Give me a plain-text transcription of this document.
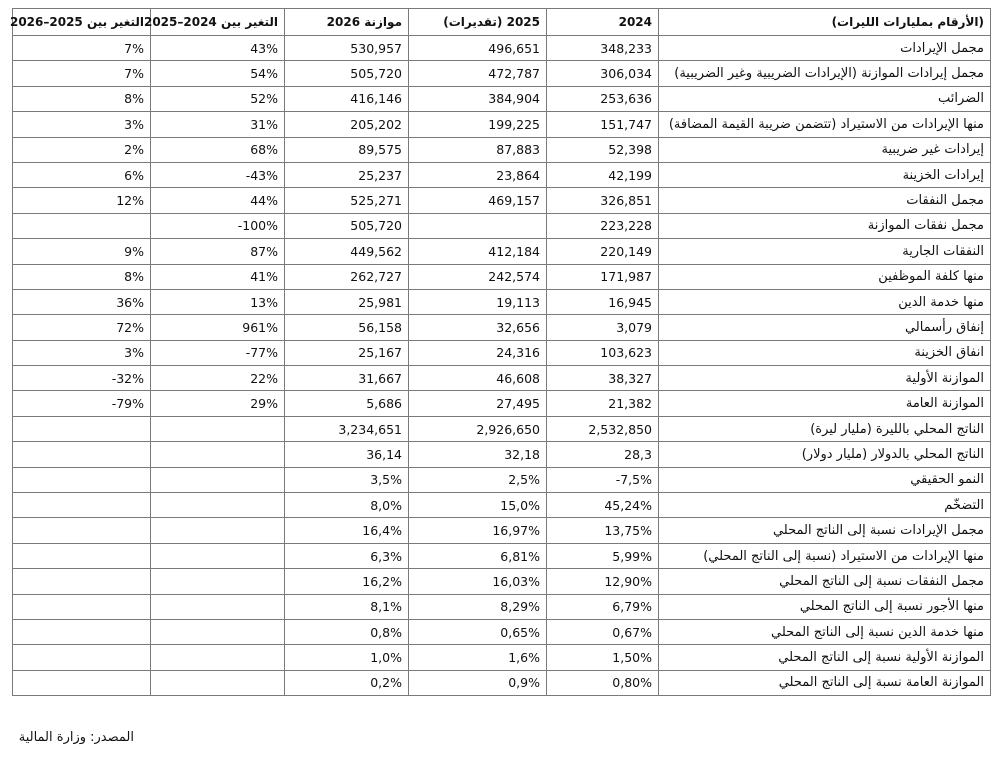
التغير بين 2025–2026	التغير بين 2024–2025	موازنة 2026	2025 (تقديرات)	2024	(الأرقام بمليارات الليرات)
7%	43%	530,957	496,651	348,233	مجمل الإيرادات
7%	54%	505,720	472,787	306,034	مجمل إيرادات الموازنة (الإيرادات الضريبية وغير الضريبية)
8%	52%	416,146	384,904	253,636	الضرائب
3%	31%	205,202	199,225	151,747	منها الإيرادات من الاستيراد (تتضمن ضريبة القيمة المضافة)
2%	68%	89,575	87,883	52,398	إيرادات غير ضريبية
6%	-43%	25,237	23,864	42,199	إيرادات الخزينة
12%	44%	525,271	469,157	326,851	مجمل النفقات
	-100%	505,720		223,228	مجمل نفقات الموازنة
9%	87%	449,562	412,184	220,149	النفقات الجارية
8%	41%	262,727	242,574	171,987	منها كلفة الموظفين
36%	13%	25,981	19,113	16,945	منها خدمة الدين
72%	961%	56,158	32,656	3,079	إنفاق رأسمالي
3%	-77%	25,167	24,316	103,623	انفاق الخزينة
-32%	22%	31,667	46,608	38,327	الموازنة الأولية
-79%	29%	5,686	27,495	21,382	الموازنة العامة
		3,234,651	2,926,650	2,532,850	الناتج المحلي بالليرة (مليار ليرة)
		36,14	32,18	28,3	الناتج المحلي بالدولار (مليار دولار)
		3,5%	2,5%	-7,5%	النمو الحقيقي
		8,0%	15,0%	45,24%	التضخّم
		16,4%	16,97%	13,75%	مجمل الإيرادات نسبة إلى الناتج المحلي
		6,3%	6,81%	5,99%	منها الإيرادات من الاستيراد (نسبة إلى الناتج المحلي)
		16,2%	16,03%	12,90%	مجمل النفقات نسبة إلى الناتج المحلي
		8,1%	8,29%	6,79%	منها الأجور نسبة إلى الناتج المحلي
		0,8%	0,65%	0,67%	منها خدمة الدين نسبة إلى الناتج المحلي
		1,0%	1,6%	1,50%	الموازنة الأولية نسبة إلى الناتج المحلي
		0,2%	0,9%	0,80%	الموازنة العامة نسبة إلى الناتج المحلي
المصدر: وزارة المالية
